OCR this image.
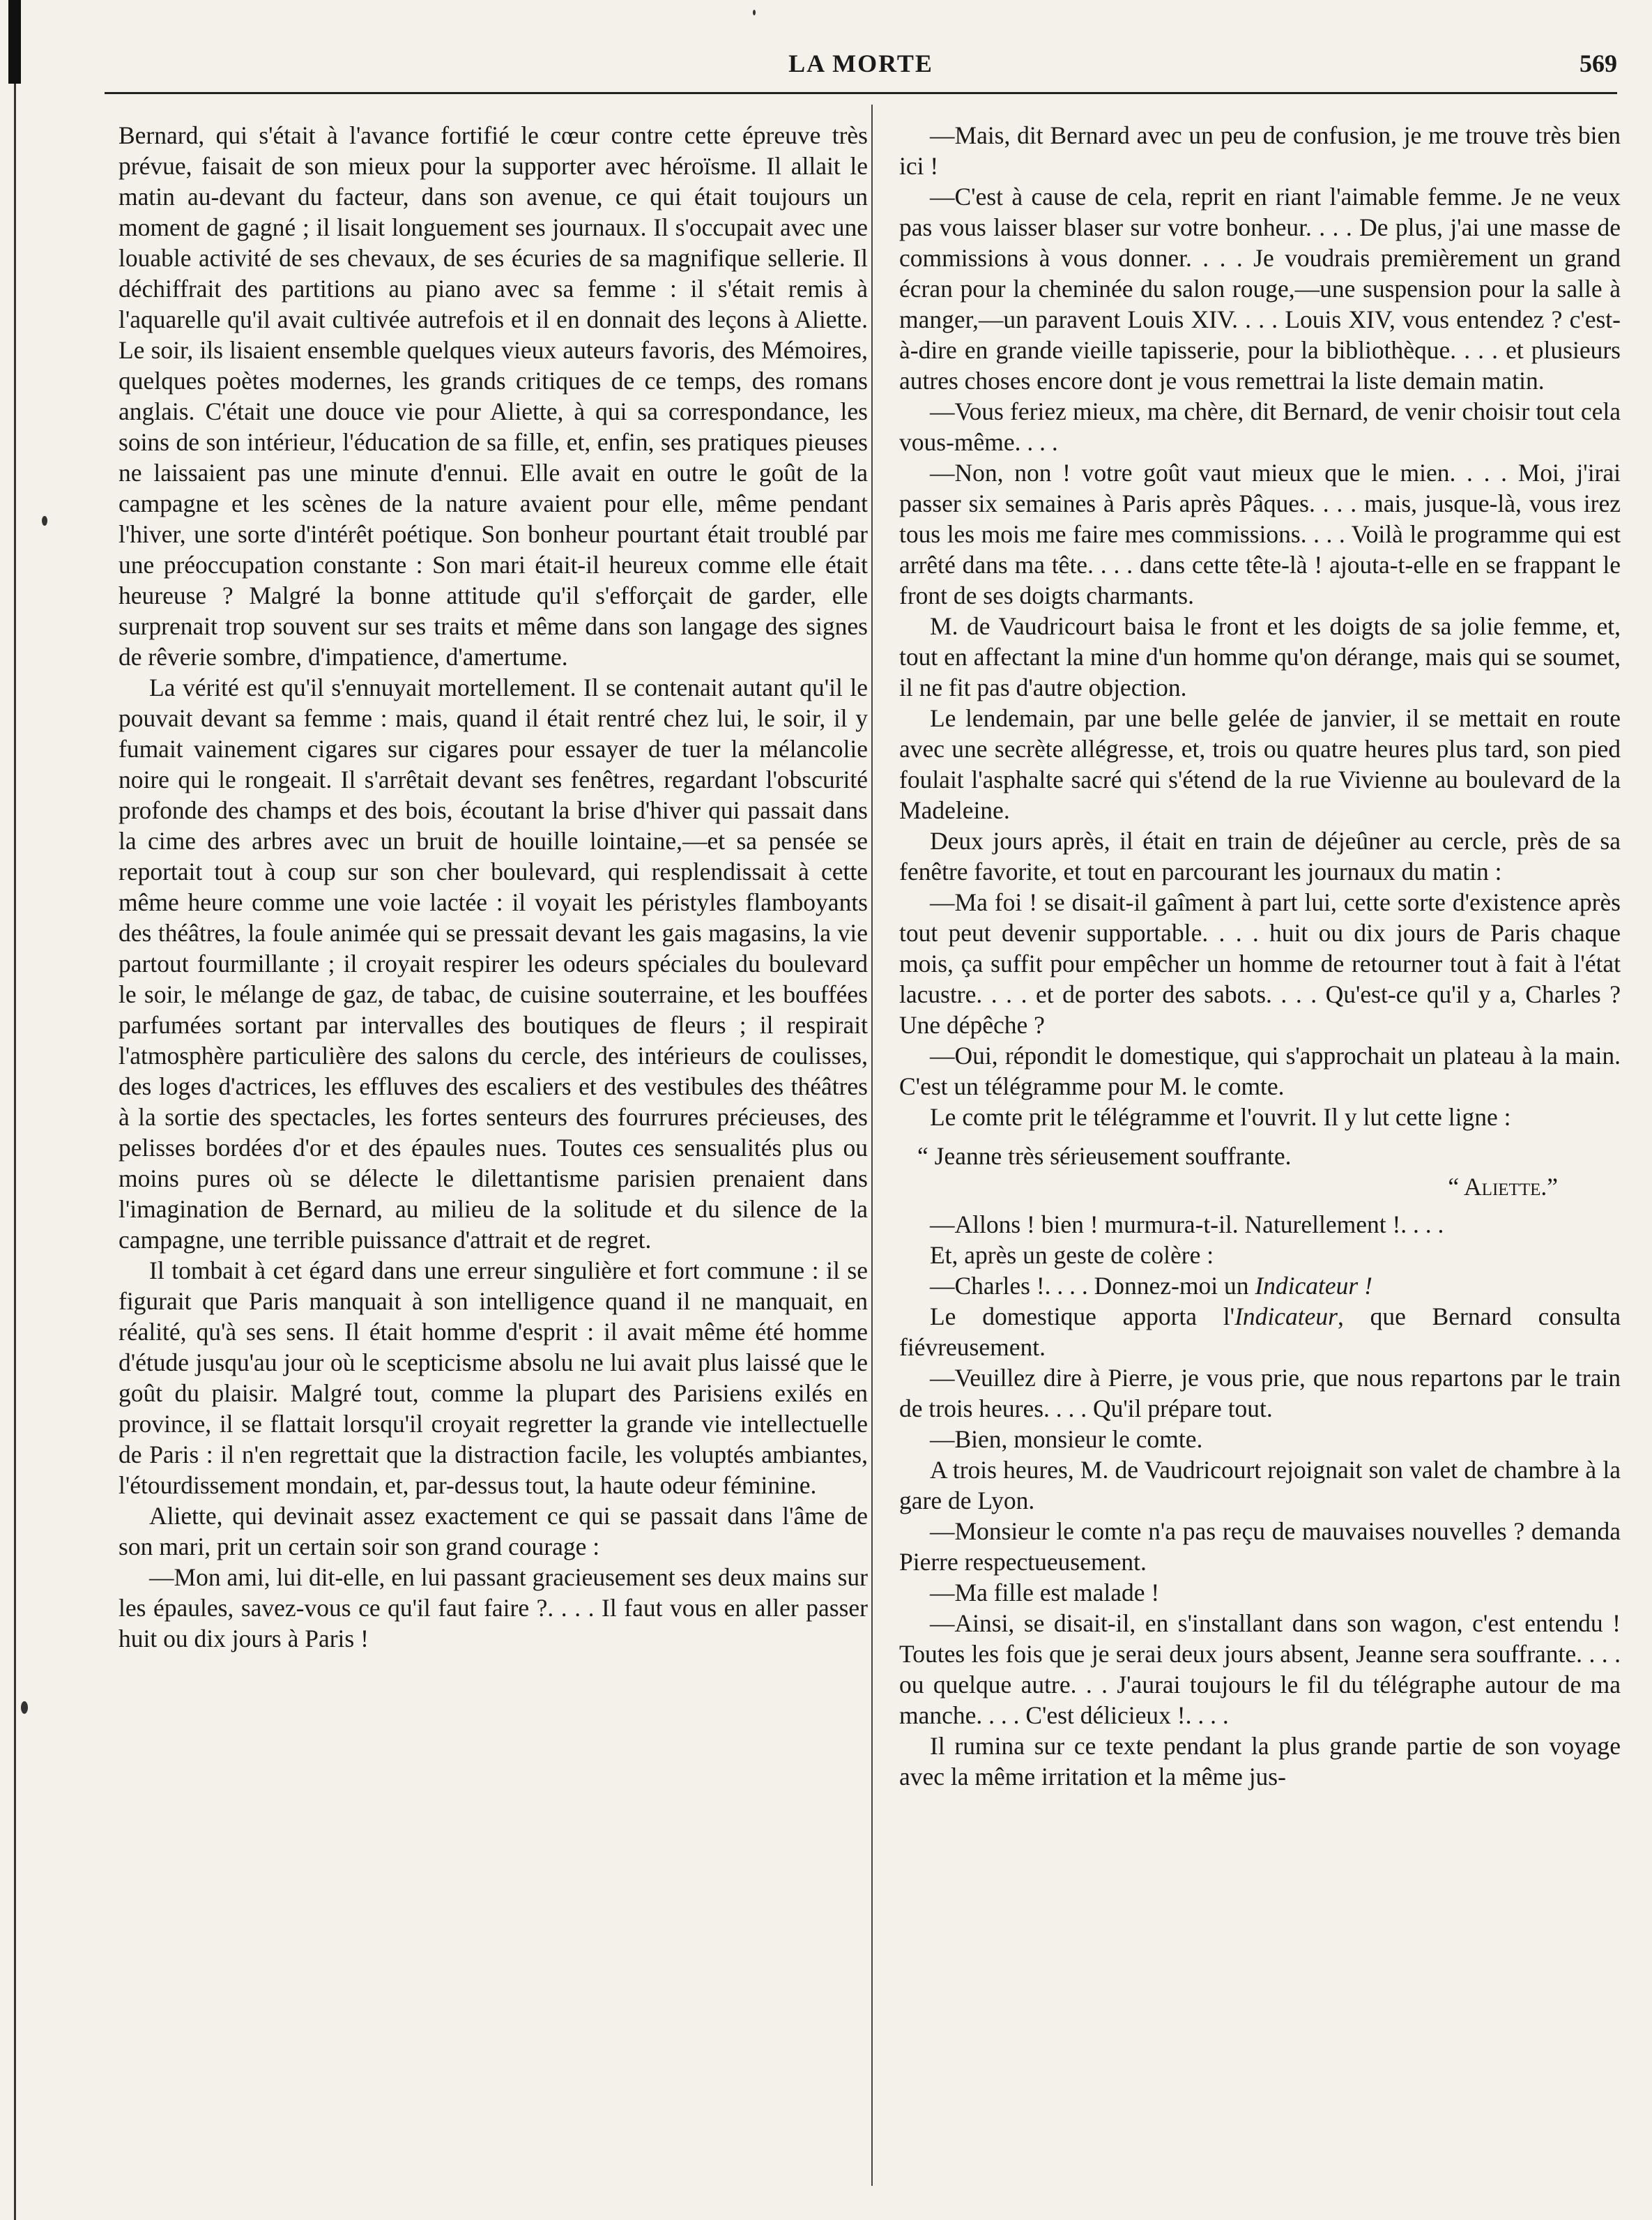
LA MORTE	569

Bernard, qui s'était à l'avance fortifié le cœur contre cette épreuve très prévue, faisait de son mieux pour la supporter avec héroïsme. Il allait le matin au-devant du facteur, dans son avenue, ce qui était toujours un moment de gagné ; il lisait longuement ses journaux. Il s'occupait avec une louable activité de ses chevaux, de ses écuries de sa magnifique sellerie. Il déchiffrait des partitions au piano avec sa femme : il s'était remis à l'aquarelle qu'il avait cultivée autrefois et il en donnait des leçons à Aliette. Le soir, ils lisaient ensemble quelques vieux auteurs favoris, des Mémoires, quelques poètes modernes, les grands critiques de ce temps, des romans anglais. C'était une douce vie pour Aliette, à qui sa correspondance, les soins de son intérieur, l'éducation de sa fille, et, enfin, ses pratiques pieuses ne laissaient pas une minute d'ennui. Elle avait en outre le goût de la campagne et les scènes de la nature avaient pour elle, même pendant l'hiver, une sorte d'intérêt poétique. Son bonheur pourtant était troublé par une préoccupation constante : Son mari était-il heureux comme elle était heureuse ? Malgré la bonne attitude qu'il s'efforçait de garder, elle surprenait trop souvent sur ses traits et même dans son langage des signes de rêverie sombre, d'impatience, d'amertume.

La vérité est qu'il s'ennuyait mortellement. Il se contenait autant qu'il le pouvait devant sa femme : mais, quand il était rentré chez lui, le soir, il y fumait vainement cigares sur cigares pour essayer de tuer la mélancolie noire qui le rongeait. Il s'arrêtait devant ses fenêtres, regardant l'obscurité profonde des champs et des bois, écoutant la brise d'hiver qui passait dans la cime des arbres avec un bruit de houille lointaine,—et sa pensée se reportait tout à coup sur son cher boulevard, qui resplendissait à cette même heure comme une voie lactée : il voyait les péristyles flamboyants des théâtres, la foule animée qui se pressait devant les gais magasins, la vie partout fourmillante ; il croyait respirer les odeurs spéciales du boulevard le soir, le mélange de gaz, de tabac, de cuisine souterraine, et les bouffées parfumées sortant par intervalles des boutiques de fleurs ; il respirait l'atmosphère particulière des salons du cercle, des intérieurs de coulisses, des loges d'actrices, les effluves des escaliers et des vestibules des théâtres à la sortie des spectacles, les fortes senteurs des fourrures précieuses, des pelisses bordées d'or et des épaules nues. Toutes ces sensualités plus ou moins pures où se délecte le dilettantisme parisien prenaient dans l'imagination de Bernard, au milieu de la solitude et du silence de la campagne, une terrible puissance d'attrait et de regret.

Il tombait à cet égard dans une erreur singulière et fort commune : il se figurait que Paris manquait à son intelligence quand il ne manquait, en réalité, qu'à ses sens. Il était homme d'esprit : il avait même été homme d'étude jusqu'au jour où le scepticisme absolu ne lui avait plus laissé que le goût du plaisir. Malgré tout, comme la plupart des Parisiens exilés en province, il se flattait lorsqu'il croyait regretter la grande vie intellectuelle de Paris : il n'en regrettait que la distraction facile, les voluptés ambiantes, l'étourdissement mondain, et, par-dessus tout, la haute odeur féminine.

Aliette, qui devinait assez exactement ce qui se passait dans l'âme de son mari, prit un certain soir son grand courage :

—Mon ami, lui dit-elle, en lui passant gracieusement ses deux mains sur les épaules, savez-vous ce qu'il faut faire ?. . . . Il faut vous en aller passer huit ou dix jours à Paris !

—Mais, dit Bernard avec un peu de confusion, je me trouve très bien ici !

—C'est à cause de cela, reprit en riant l'aimable femme. Je ne veux pas vous laisser blaser sur votre bonheur. . . . De plus, j'ai une masse de commissions à vous donner. . . . Je voudrais premièrement un grand écran pour la cheminée du salon rouge,—une suspension pour la salle à manger,—un paravent Louis XIV. . . . Louis XIV, vous entendez ? c'est-à-dire en grande vieille tapisserie, pour la bibliothèque. . . . et plusieurs autres choses encore dont je vous remettrai la liste demain matin.

—Vous feriez mieux, ma chère, dit Bernard, de venir choisir tout cela vous-même. . . .

—Non, non ! votre goût vaut mieux que le mien. . . . Moi, j'irai passer six semaines à Paris après Pâques. . . . mais, jusque-là, vous irez tous les mois me faire mes commissions. . . . Voilà le programme qui est arrêté dans ma tête. . . . dans cette tête-là ! ajouta-t-elle en se frappant le front de ses doigts charmants.

M. de Vaudricourt baisa le front et les doigts de sa jolie femme, et, tout en affectant la mine d'un homme qu'on dérange, mais qui se soumet, il ne fit pas d'autre objection.

Le lendemain, par une belle gelée de janvier, il se mettait en route avec une secrète allégresse, et, trois ou quatre heures plus tard, son pied foulait l'asphalte sacré qui s'étend de la rue Vivienne au boulevard de la Madeleine.

Deux jours après, il était en train de déjeûner au cercle, près de sa fenêtre favorite, et tout en parcourant les journaux du matin :

—Ma foi ! se disait-il gaîment à part lui, cette sorte d'existence après tout peut devenir supportable. . . . huit ou dix jours de Paris chaque mois, ça suffit pour empêcher un homme de retourner tout à fait à l'état lacustre. . . . et de porter des sabots. . . . Qu'est-ce qu'il y a, Charles ? Une dépêche ?

—Oui, répondit le domestique, qui s'approchait un plateau à la main. C'est un télégramme pour M. le comte.

Le comte prit le télégramme et l'ouvrit. Il y lut cette ligne :

“ Jeanne très sérieusement souffrante.

“ Aliette.”

—Allons ! bien ! murmura-t-il. Naturellement !. . . .

Et, après un geste de colère :

—Charles !. . . . Donnez-moi un Indicateur !

Le domestique apporta l'Indicateur, que Bernard consulta fiévreusement.

—Veuillez dire à Pierre, je vous prie, que nous repartons par le train de trois heures. . . . Qu'il prépare tout.

—Bien, monsieur le comte.

A trois heures, M. de Vaudricourt rejoignait son valet de chambre à la gare de Lyon.

—Monsieur le comte n'a pas reçu de mauvaises nouvelles ? demanda Pierre respectueusement.

—Ma fille est malade !

—Ainsi, se disait-il, en s'installant dans son wagon, c'est entendu ! Toutes les fois que je serai deux jours absent, Jeanne sera souffrante. . . . ou quelque autre. . . J'aurai toujours le fil du télégraphe autour de ma manche. . . . C'est délicieux !. . . .

Il rumina sur ce texte pendant la plus grande partie de son voyage avec la même irritation et la même jus-
